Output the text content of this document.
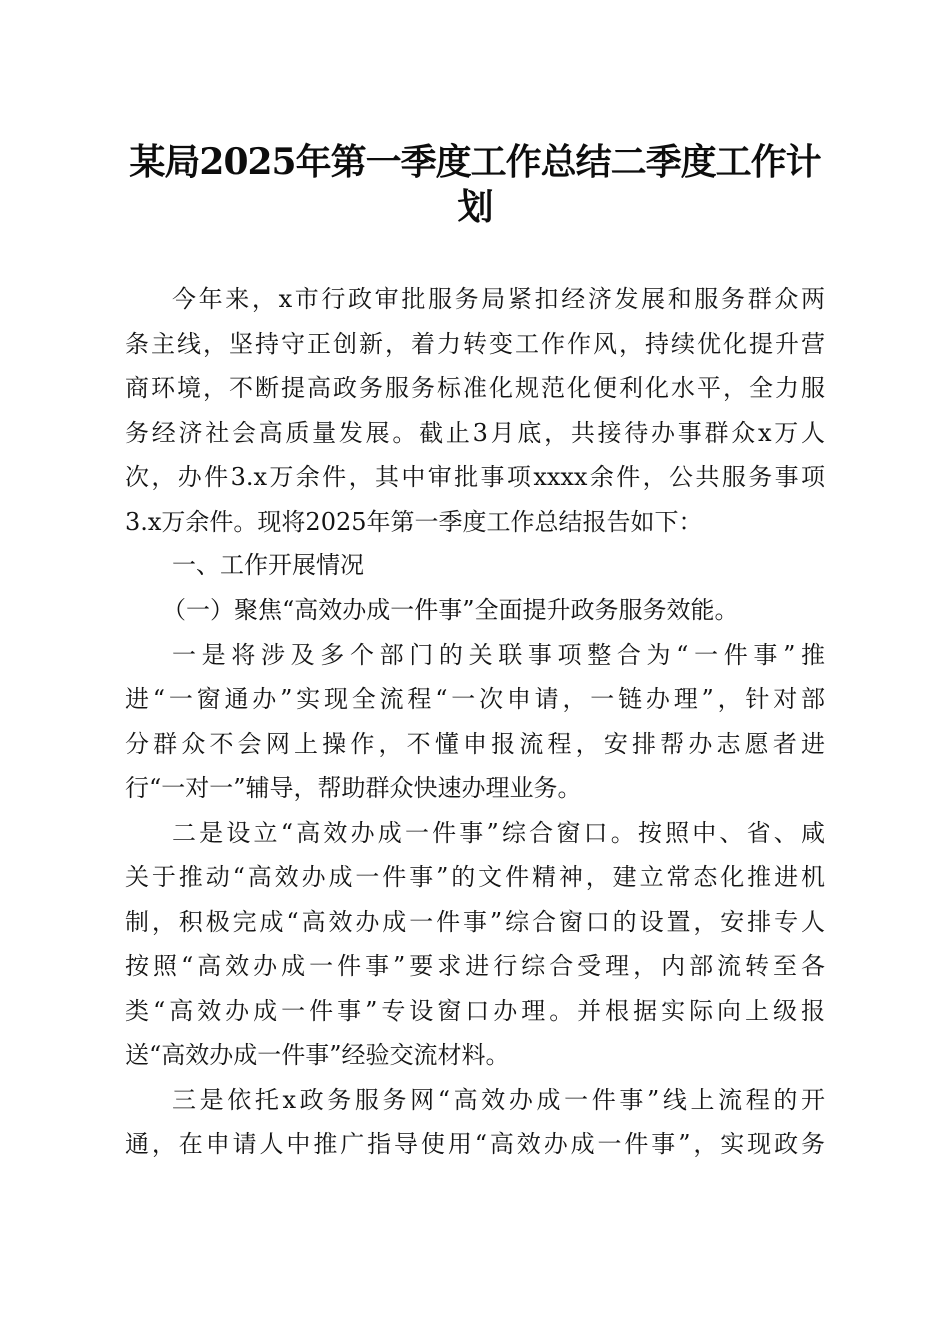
某局2025年第一季度工作总结二季度工作计
划
今年来，x市行政审批服务局紧扣经济发展和服务群众两
条主线，坚持守正创新，着力转变工作作风，持续优化提升营
商环境，不断提高政务服务标准化规范化便利化水平，全力服
务经济社会高质量发展。截止3月底，共接待办事群众x万人
次，办件3.x万余件，其中审批事项xxxx余件，公共服务事项
3.x万余件。现将2025年第一季度工作总结报告如下：
一、工作开展情况
（一）聚焦“高效办成一件事”全面提升政务服务效能。
一是将涉及多个部门的关联事项整合为“一件事”推
进“一窗通办”实现全流程“一次申请，一链办理”，针对部
分群众不会网上操作，不懂申报流程，安排帮办志愿者进
行“一对一”辅导，帮助群众快速办理业务。
二是设立“高效办成一件事”综合窗口。按照中、省、咸
关于推动“高效办成一件事”的文件精神，建立常态化推进机
制，积极完成“高效办成一件事”综合窗口的设置，安排专人
按照“高效办成一件事”要求进行综合受理，内部流转至各
类“高效办成一件事”专设窗口办理。并根据实际向上级报
送“高效办成一件事”经验交流材料。
三是依托x政务服务网“高效办成一件事”线上流程的开
通，在申请人中推广指导使用“高效办成一件事”，实现政务
